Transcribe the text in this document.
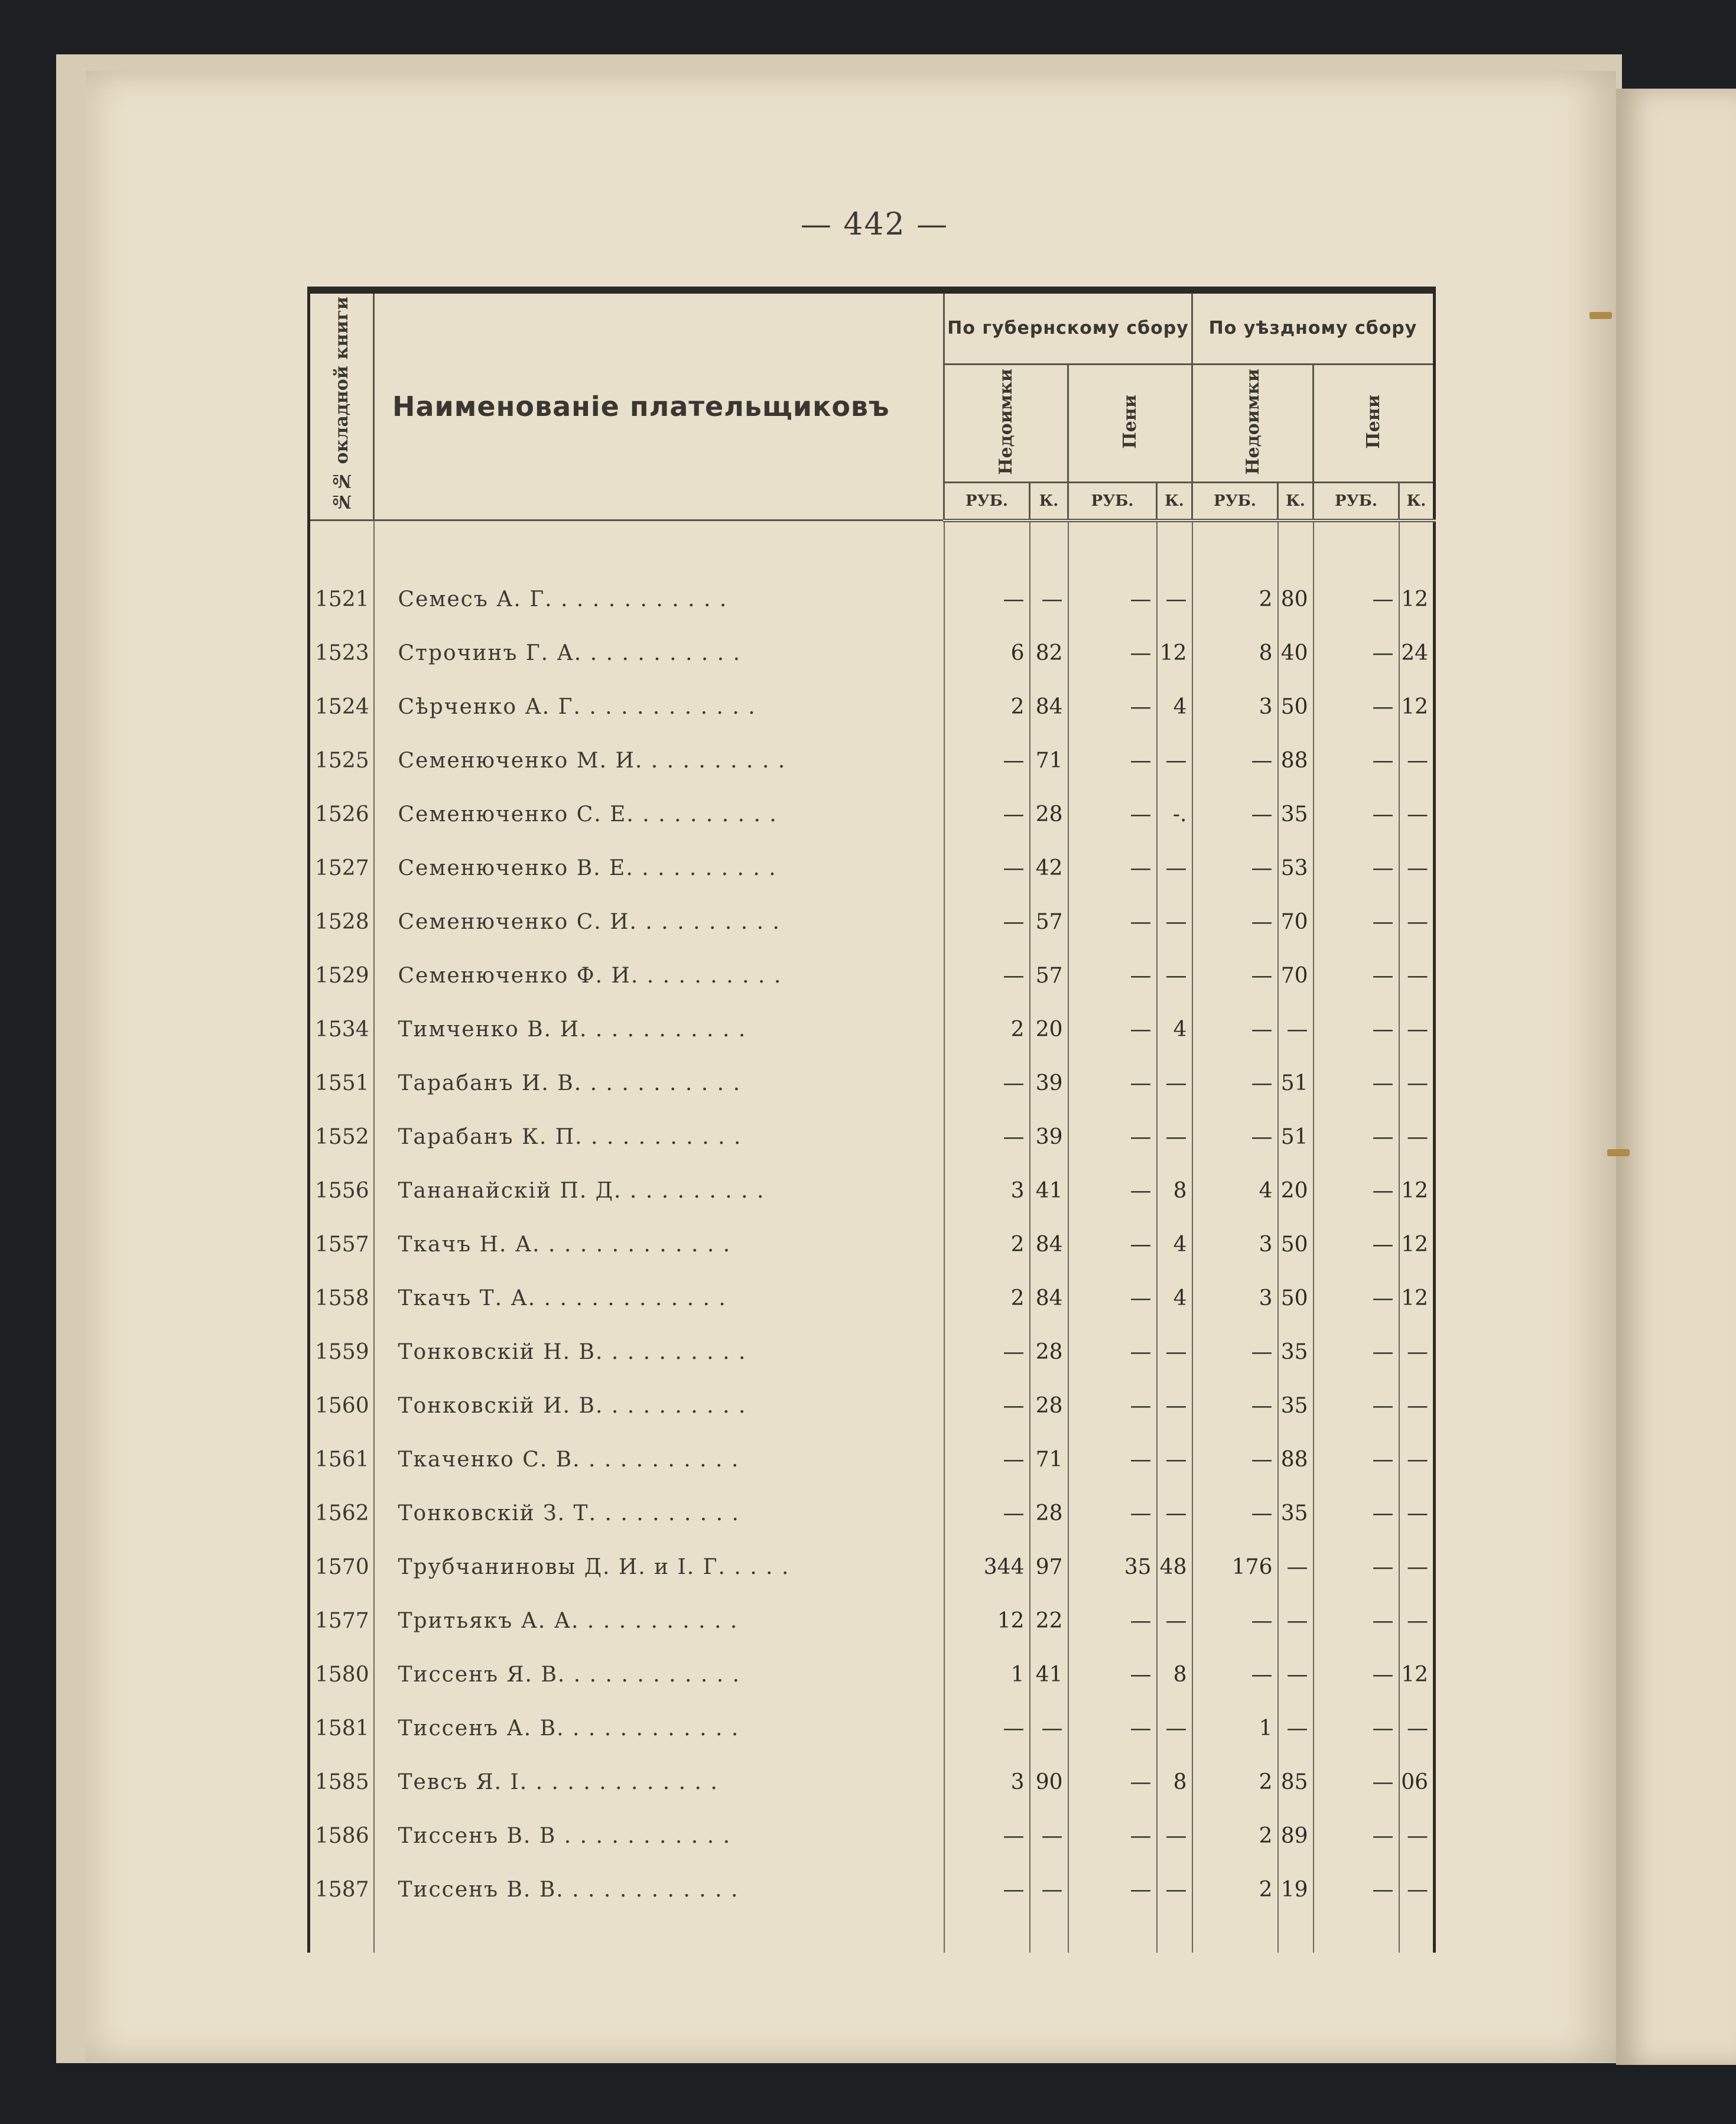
— 442 —
№№ окладной книги	Наименованіе плательщиковъ	По губернскому сбору				По уѣздному сбору			
		Недоимки		Пени		Недоимки		Пени	
		РУБ.	К.	РУБ.	К.	РУБ.	К.	РУБ.	К.

1521	Семесъ А. Г. . . . . . . . . . . .	—	—	—	—	2	80	—	12
1523	Строчинъ Г. А. . . . . . . . . . .	6	82	—	12	8	40	—	24
1524	Сѣрченко А. Г. . . . . . . . . . . .	2	84	—	4	3	50	—	12
1525	Семенюченко М. И. . . . . . . . . .	—	71	—	—	—	88	—	—
1526	Семенюченко С. Е. . . . . . . . . .	—	28	—	-.	—	35	—	—
1527	Семенюченко В. Е. . . . . . . . . .	—	42	—	—	—	53	—	—
1528	Семенюченко С. И. . . . . . . . . .	—	57	—	—	—	70	—	—
1529	Семенюченко Ф. И. . . . . . . . . .	—	57	—	—	—	70	—	—
1534	Тимченко В. И. . . . . . . . . . .	2	20	—	4	—	—	—	—
1551	Тарабанъ И. В. . . . . . . . . . .	—	39	—	—	—	51	—	—
1552	Тарабанъ К. П. . . . . . . . . . .	—	39	—	—	—	51	—	—
1556	Тананайскій П. Д. . . . . . . . . .	3	41	—	8	4	20	—	12
1557	Ткачъ Н. А. . . . . . . . . . . . .	2	84	—	4	3	50	—	12
1558	Ткачъ Т. А. . . . . . . . . . . . .	2	84	—	4	3	50	—	12
1559	Тонковскій Н. В. . . . . . . . . .	—	28	—	—	—	35	—	—
1560	Тонковскій И. В. . . . . . . . . .	—	28	—	—	—	35	—	—
1561	Ткаченко С. В. . . . . . . . . . .	—	71	—	—	—	88	—	—
1562	Тонковскій З. Т. . . . . . . . . .	—	28	—	—	—	35	—	—
1570	Трубчаниновы Д. И. и І. Г. . . . .	344	97	35	48	176	—	—	—
1577	Тритьякъ А. А. . . . . . . . . . .	12	22	—	—	—	—	—	—
1580	Тиссенъ Я. В. . . . . . . . . . . .	1	41	—	8	—	—	—	12
1581	Тиссенъ А. В. . . . . . . . . . . .	—	—	—	—	1	—	—	—
1585	Тевсъ Я. І. . . . . . . . . . . . .	3	90	—	8	2	85	—	06
1586	Тиссенъ В. В . . . . . . . . . . .	—	—	—	—	2	89	—	—
1587	Тиссенъ В. В. . . . . . . . . . . .	—	—	—	—	2	19	—	—
